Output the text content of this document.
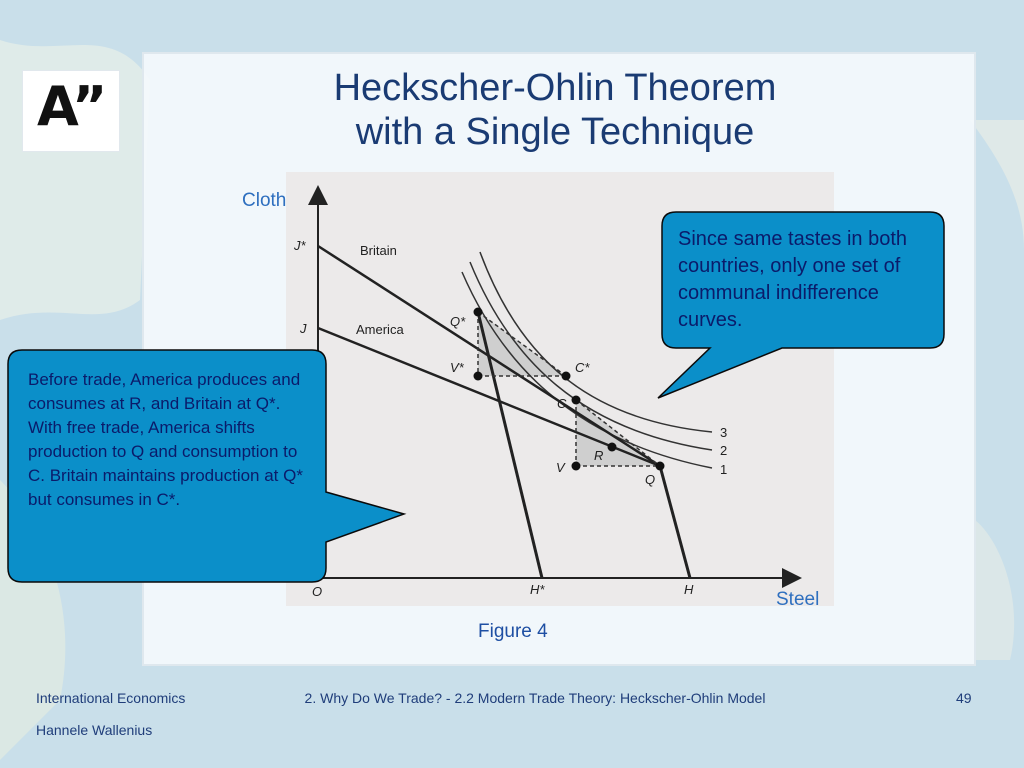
A”	Heckscher-Ohlin Theorem
with a Single Technique
J*
J
O	H*	H
Q*
V*	C*
C
R
V
Q
Britain
America
3
2
1
Cloth
Steel
Since same tastes in both countries, only one set of communal indifference curves.
Before trade, America produces and consumes at R, and Britain at Q*. With free trade, America shifts production to Q and consumption to C. Britain maintains production at Q* but consumes in C*.
Figure 4
International Economics
Hannele Wallenius
2. Why Do We Trade? - 2.2 Modern Trade Theory: Heckscher-Ohlin Model	49
